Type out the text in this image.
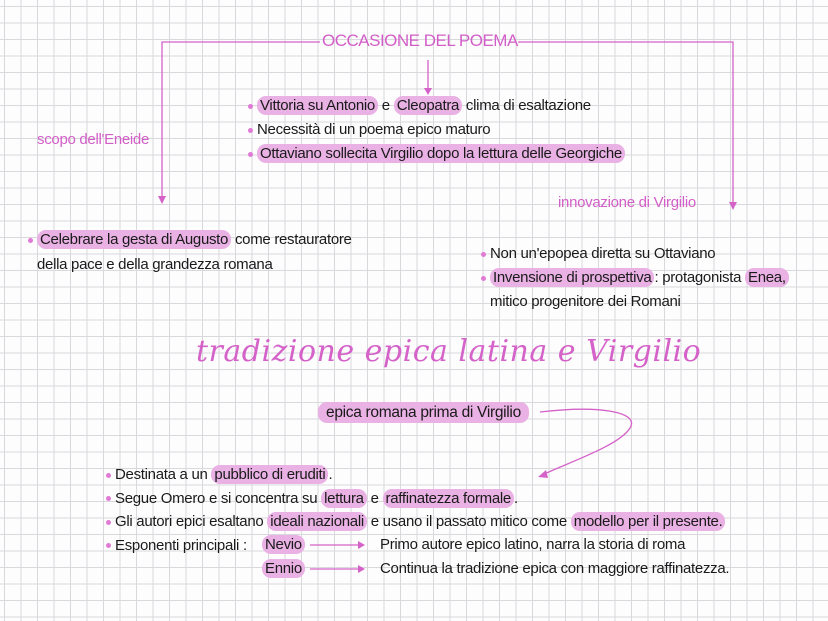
OCCASIONE DEL POEMA
scopo dell'Eneide
innovazione di Virgilio
Vittoria su Antonio e Cleopatra clima di esaltazione
Necessità di un poema epico maturo
Ottaviano sollecita Virgilio dopo la lettura delle Georgiche
Celebrare la gesta di Augusto come restauratore
della pace e della grandezza romana
Non un'epopea diretta su Ottaviano
Invensione di prospettiva : protagonista Enea,
mitico progenitore dei Romani
tradizione epica latina e Virgilio
epica romana prima di Virgilio
Destinata a un pubblico di eruditi .
Segue Omero e si concentra su lettura e raffinatezza formale .
Gli autori epici esaltano ideali nazionali e usano il passato mitico come modello per il presente.
Esponenti principali :	Nevio	Primo autore epico latino, narra la storia di roma
Ennio	Continua la tradizione epica con maggiore raffinatezza.
